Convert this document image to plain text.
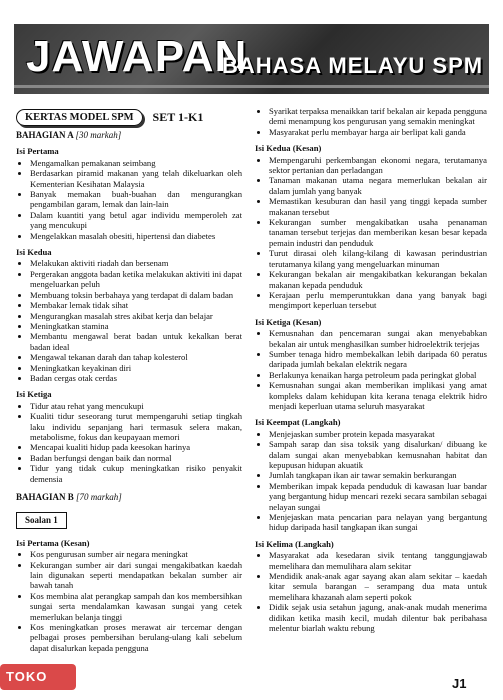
JAWAPAN
BAHASA MELAYU SPM
KERTAS MODEL SPM	SET 1-K1
BAHAGIAN A [30 markah]
Isi Pertama
• Mengamalkan pemakanan seimbang
• Berdasarkan piramid makanan yang telah dikeluarkan oleh Kementerian Kesihatan Malaysia
• Banyak memakan buah-buahan dan mengurangkan pengambilan garam, lemak dan lain-lain
• Dalam kuantiti yang betul agar individu memperoleh zat yang mencukupi
• Mengelakkan masalah obesiti, hipertensi dan diabetes
Isi Kedua
• Melakukan aktiviti riadah dan bersenam
• Pergerakan anggota badan ketika melakukan aktiviti ini dapat mengeluarkan peluh
• Membuang toksin berbahaya yang terdapat di dalam badan
• Membakar lemak tidak sihat
• Mengurangkan masalah stres akibat kerja dan belajar
• Meningkatkan stamina
• Membantu mengawal berat badan untuk kekalkan berat badan ideal
• Mengawal tekanan darah dan tahap kolesterol
• Meningkatkan keyakinan diri
• Badan cergas otak cerdas
Isi Ketiga
• Tidur atau rehat yang mencukupi
• Kualiti tidur seseorang turut mempengaruhi setiap tingkah laku individu sepanjang hari termasuk selera makan, metabolisme, fokus dan keupayaan memori
• Mencapai kualiti hidup pada keesokan harinya
• Badan berfungsi dengan baik dan normal
• Tidur yang tidak cukup meningkatkan risiko penyakit demensia
BAHAGIAN B [70 markah]
Soalan 1
Isi Pertama (Kesan)
• Kos pengurusan sumber air negara meningkat
• Kekurangan sumber air dari sungai mengakibatkan kaedah lain digunakan seperti mendapatkan bekalan sumber air bawah tanah
• Kos membina alat perangkap sampah dan kos membersihkan sungai serta mendalamkan kawasan sungai yang cetek memerlukan belanja tinggi
• Kos meningkatkan proses merawat air tercemar dengan pelbagai proses pembersihan berulang-ulang kali sebelum dapat disalurkan kepada pengguna
• Syarikat terpaksa menaikkan tarif bekalan air kepada pengguna demi menampung kos pengurusan yang semakin meningkat
• Masyarakat perlu membayar harga air berlipat kali ganda
Isi Kedua (Kesan)
• Mempengaruhi perkembangan ekonomi negara, terutamanya sektor pertanian dan perladangan
• Tanaman makanan utama negara memerlukan bekalan air dalam jumlah yang banyak
• Memastikan kesuburan dan hasil yang tinggi kepada sumber makanan tersebut
• Kekurangan sumber mengakibatkan usaha penanaman tanaman tersebut terjejas dan memberikan kesan besar kepada pemain industri dan penduduk
• Turut dirasai oleh kilang-kilang di kawasan perindustrian terutamanya kilang yang mengeluarkan minuman
• Kekurangan bekalan air mengakibatkan kekurangan bekalan makanan kepada penduduk
• Kerajaan perlu memperuntukkan dana yang banyak bagi mengimport keperluan tersebut
Isi Ketiga (Kesan)
• Kemusnahan dan pencemaran sungai akan menyebabkan bekalan air untuk menghasilkan sumber hidroelektrik terjejas
• Sumber tenaga hidro membekalkan lebih daripada 60 peratus daripada jumlah bekalan elektrik negara
• Berlakunya kenaikan harga petroleum pada peringkat global
• Kemusnahan sungai akan memberikan implikasi yang amat kompleks dalam kehidupan kita kerana tenaga elektrik hidro menjadi keperluan utama seluruh masyarakat
Isi Keempat (Langkah)
• Menjejaskan sumber protein kepada masyarakat
• Sampah sarap dan sisa toksik yang disalurkan/ dibuang ke dalam sungai akan menyebabkan kemusnahan habitat dan kepupusan hidupan akuatik
• Jumlah tangkapan ikan air tawar semakin berkurangan
• Memberikan impak kepada penduduk di kawasan luar bandar yang bergantung hidup mencari rezeki secara sambilan sebagai nelayan sungai
• Menjejaskan mata pencarian para nelayan yang bergantung hidup daripada hasil tangkapan ikan sungai
Isi Kelima (Langkah)
• Masyarakat ada kesedaran sivik tentang tanggungjawab memelihara dan memulihara alam sekitar
• Mendidik anak-anak agar sayang akan alam sekitar – kaedah kitar semula barangan – serampang dua mata untuk memelihara khazanah alam seperti pokok
• Didik sejak usia setahun jagung, anak-anak mudah menerima didikan ketika masih kecil, mudah dilentur bak peribahasa melentur biarlah waktu rebung
J1
TOKO
